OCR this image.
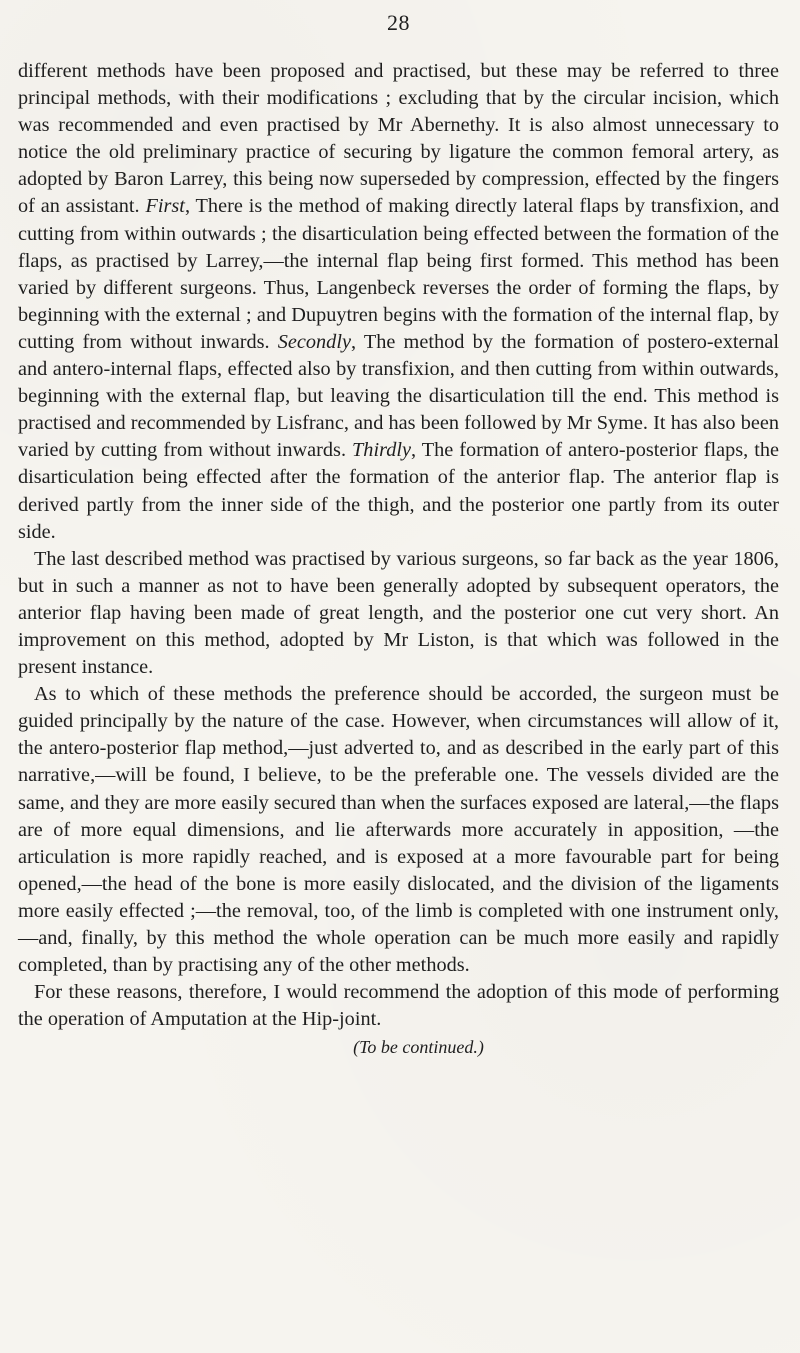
28

different methods have been proposed and practised, but these may be referred to three principal methods, with their modifications ; excluding that by the circular incision, which was recommended and even practised by Mr Abernethy. It is also almost unnecessary to notice the old preliminary practice of securing by ligature the common femoral artery, as adopted by Baron Larrey, this being now superseded by compression, effected by the fingers of an assistant. First, There is the method of making directly lateral flaps by transfixion, and cutting from within outwards ; the disarticulation being effected between the formation of the flaps, as practised by Larrey,—the internal flap being first formed. This method has been varied by different surgeons. Thus, Langenbeck reverses the order of forming the flaps, by beginning with the external ; and Dupuytren begins with the formation of the internal flap, by cutting from without inwards. Secondly, The method by the formation of postero-external and antero-internal flaps, effected also by transfixion, and then cutting from within outwards, beginning with the external flap, but leaving the disarticulation till the end. This method is practised and recommended by Lisfranc, and has been followed by Mr Syme. It has also been varied by cutting from without inwards. Thirdly, The formation of antero-posterior flaps, the disarticulation being effected after the formation of the anterior flap. The anterior flap is derived partly from the inner side of the thigh, and the posterior one partly from its outer side.

The last described method was practised by various surgeons, so far back as the year 1806, but in such a manner as not to have been generally adopted by subsequent operators, the anterior flap having been made of great length, and the posterior one cut very short. An improvement on this method, adopted by Mr Liston, is that which was followed in the present instance.

As to which of these methods the preference should be accorded, the surgeon must be guided principally by the nature of the case. However, when circumstances will allow of it, the antero-posterior flap method,—just adverted to, and as described in the early part of this narrative,—will be found, I believe, to be the preferable one. The vessels divided are the same, and they are more easily secured than when the surfaces exposed are lateral,—the flaps are of more equal dimensions, and lie afterwards more accurately in apposition, —the articulation is more rapidly reached, and is exposed at a more favourable part for being opened,—the head of the bone is more easily dislocated, and the division of the ligaments more easily effected ;—the removal, too, of the limb is completed with one instrument only,—and, finally, by this method the whole operation can be much more easily and rapidly completed, than by practising any of the other methods.

For these reasons, therefore, I would recommend the adoption of this mode of performing the operation of Amputation at the Hip-joint.

(To be continued.)
